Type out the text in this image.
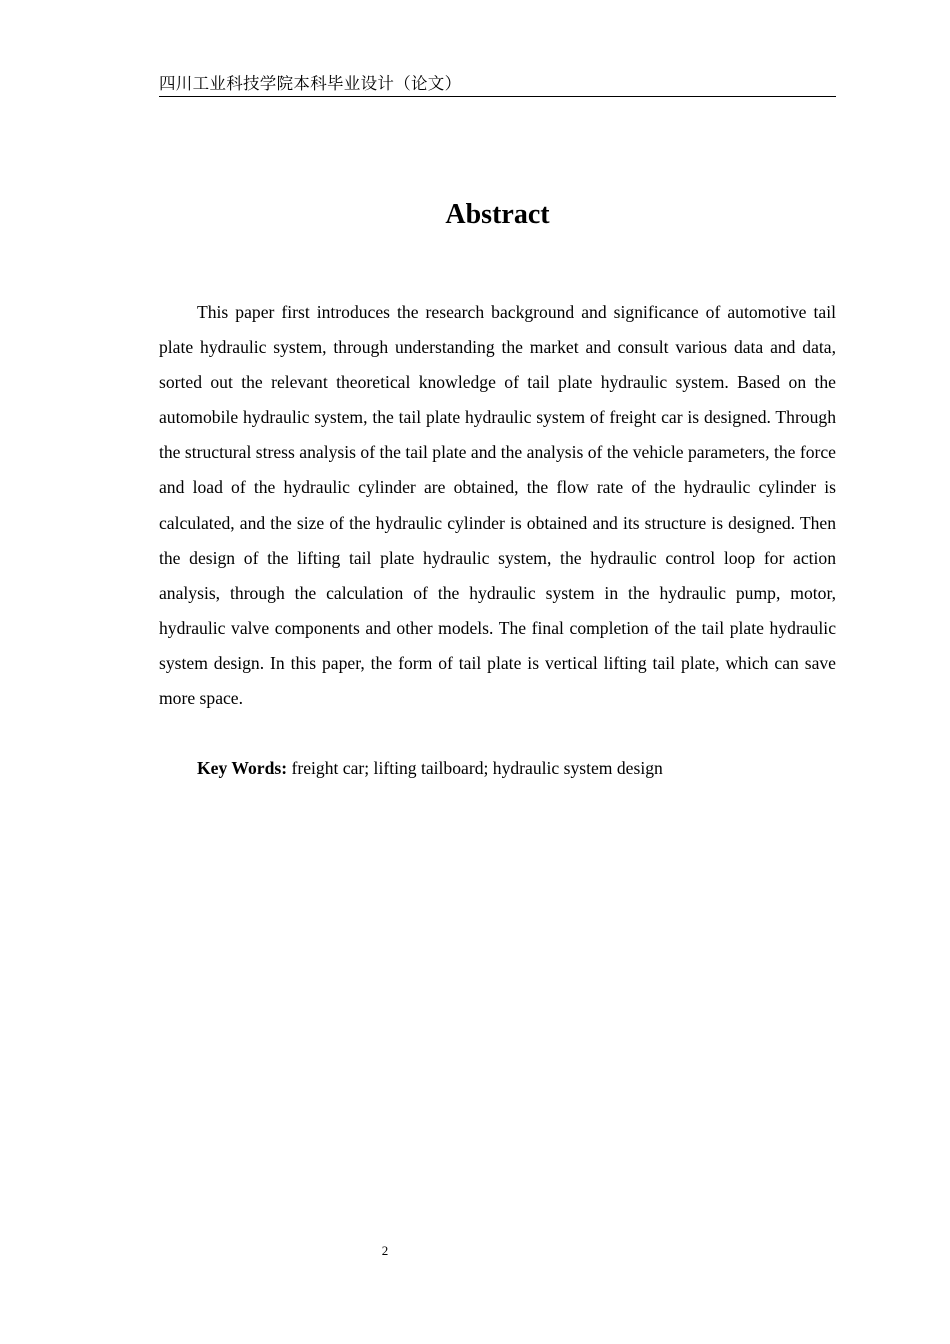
四川工业科技学院本科毕业设计（论文）
Abstract

This paper first introduces the research background and significance of automotive tail plate hydraulic system, through understanding the market and consult various data and data, sorted out the relevant theoretical knowledge of tail plate hydraulic system. Based on the automobile hydraulic system, the tail plate hydraulic system of freight car is designed. Through the structural stress analysis of the tail plate and the analysis of the vehicle parameters, the force and load of the hydraulic cylinder are obtained, the flow rate of the hydraulic cylinder is calculated, and the size of the hydraulic cylinder is obtained and its structure is designed. Then the design of the lifting tail plate hydraulic system, the hydraulic control loop for action analysis, through the calculation of the hydraulic system in the hydraulic pump, motor, hydraulic valve components and other models. The final completion of the tail plate hydraulic system design. In this paper, the form of tail plate is vertical lifting tail plate, which can save more space.

Key Words: freight car; lifting tailboard; hydraulic system design

2
